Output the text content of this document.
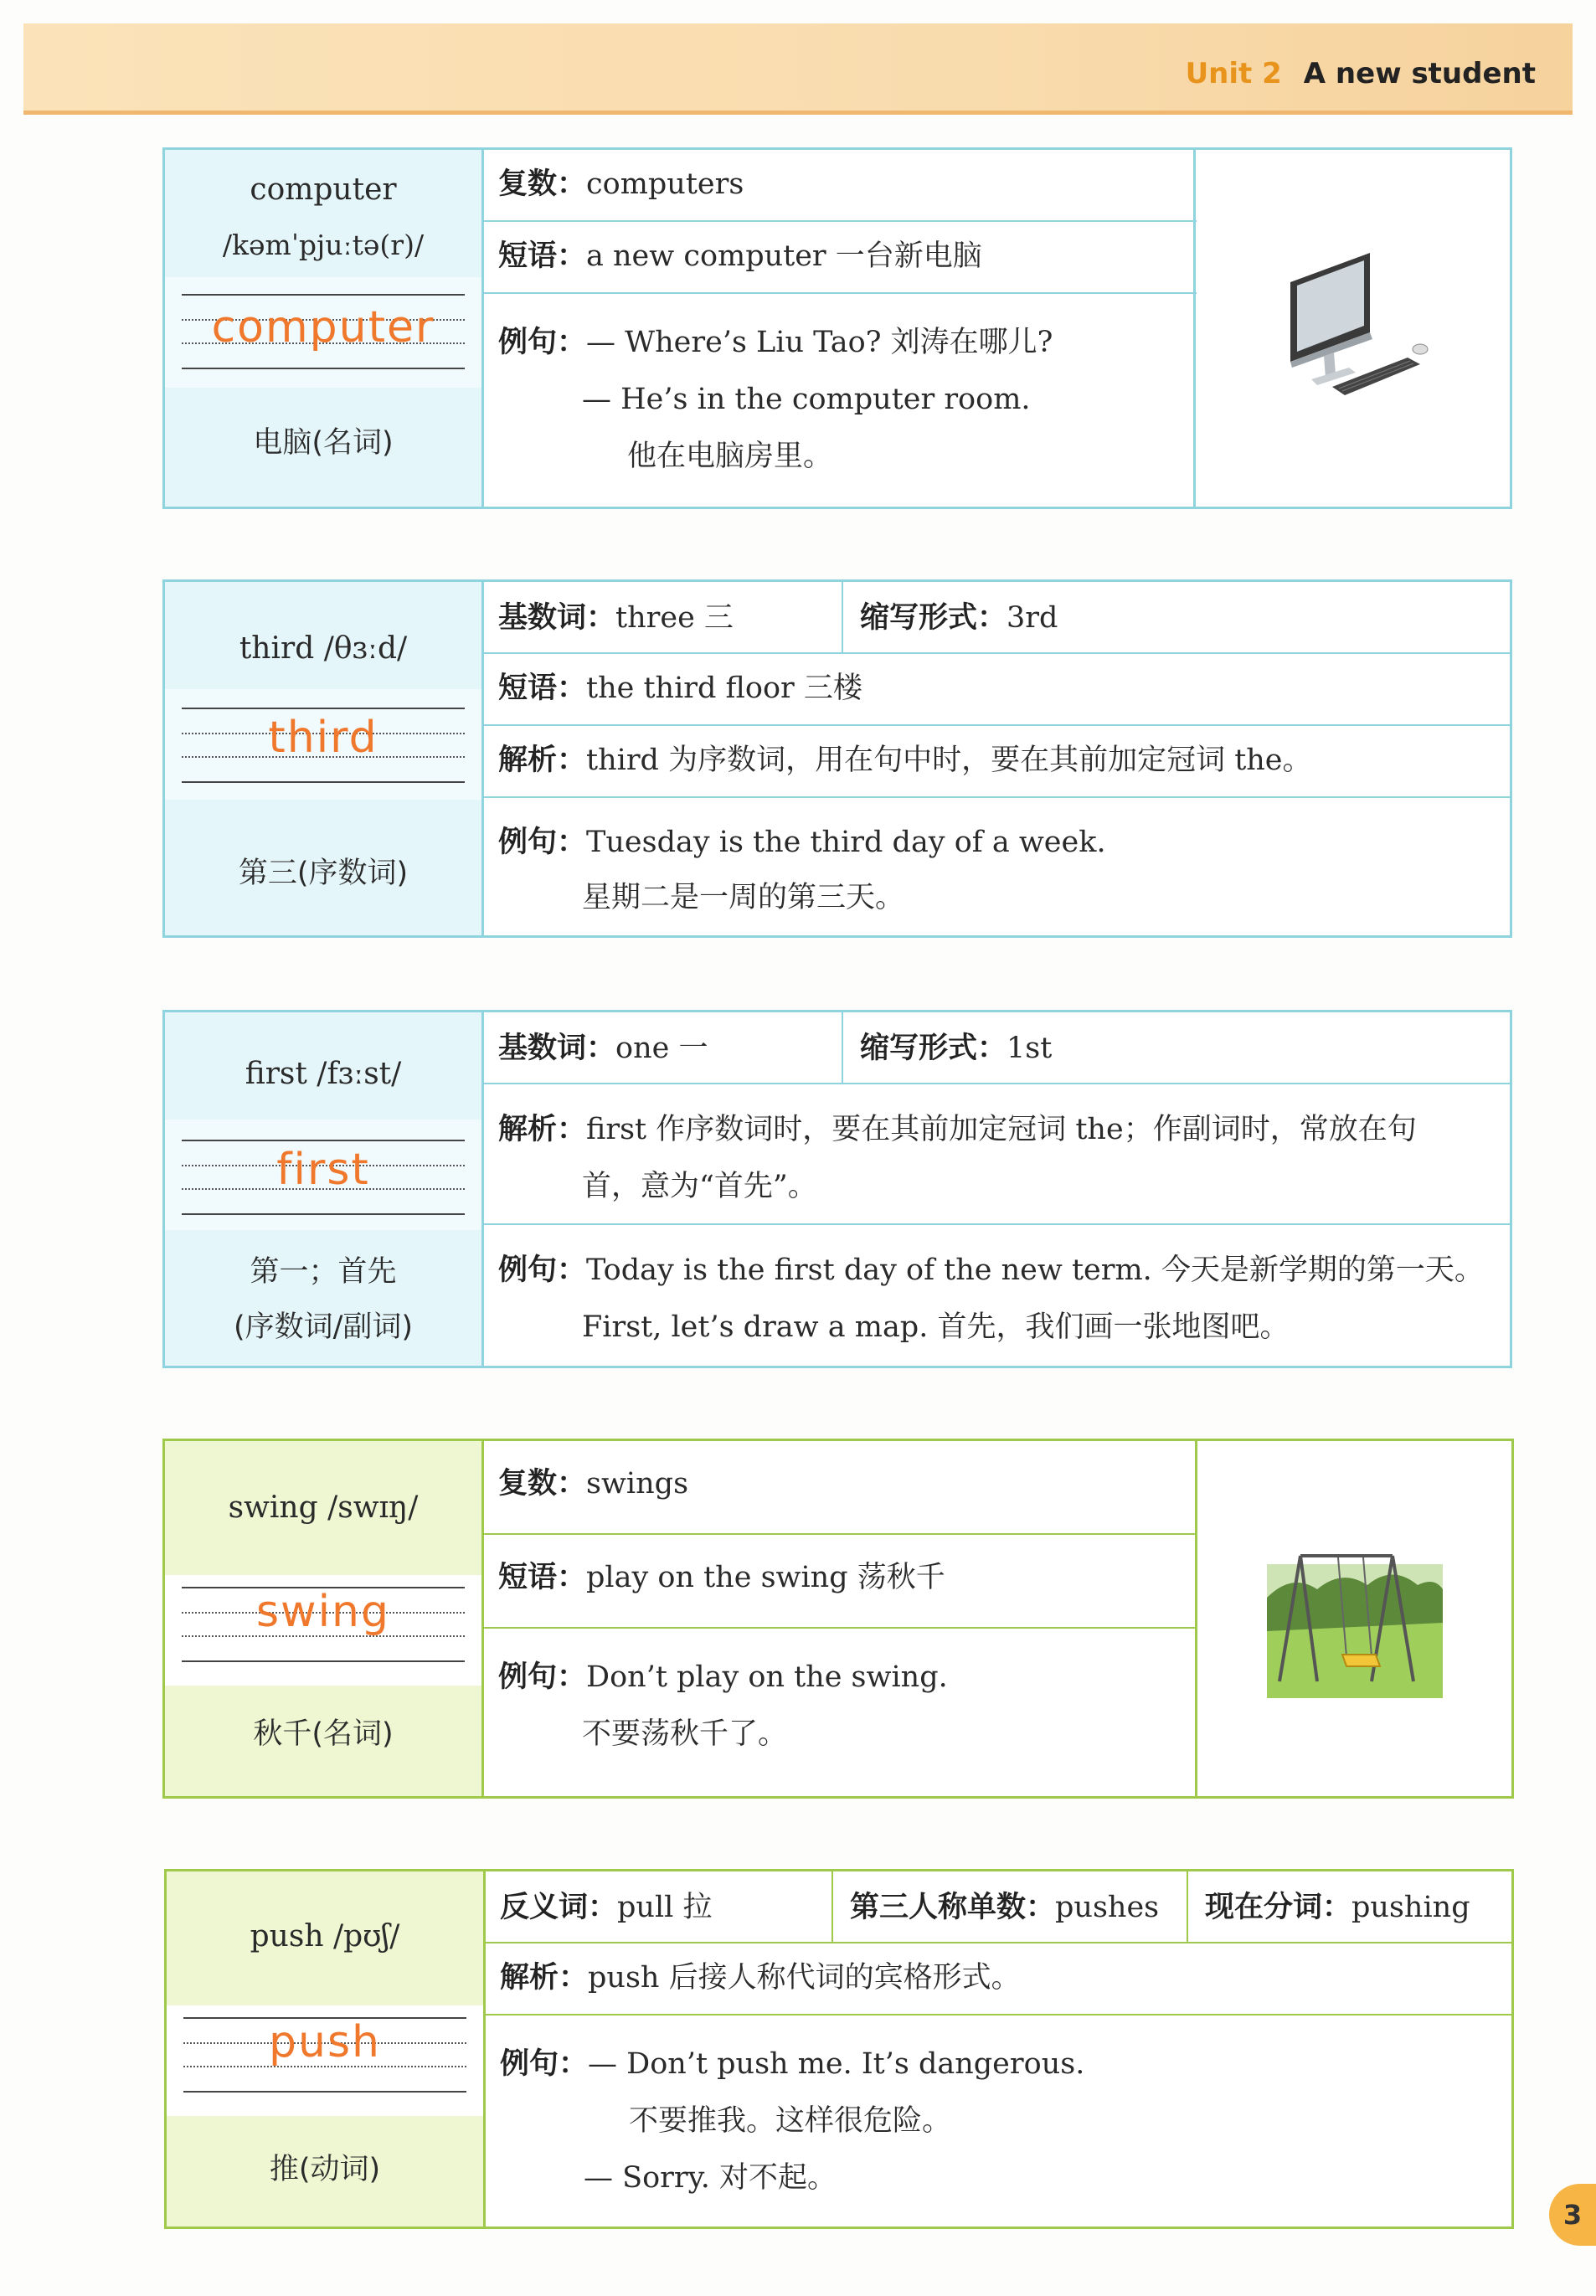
Unit 2 A new student
computer
/kəmˈpjuːtə(r)/
computer
电脑(名词)
复数：computers
短语：a new computer 一台新电脑
例句：— Where’s Liu Tao? 刘涛在哪儿?
— He’s in the computer room.
他在电脑房里。
third /θɜːd/
third
第三(序数词)
基数词：three 三	缩写形式：3rd
短语：the third floor 三楼
解析：third 为序数词，用在句中时，要在其前加定冠词 the。
例句：Tuesday is the third day of a week.
星期二是一周的第三天。
first /fɜːst/
first
第一；首先
(序数词/副词)
基数词：one 一	缩写形式：1st
解析：first 作序数词时，要在其前加定冠词 the；作副词时，常放在句
首，意为“首先”。
例句：Today is the first day of the new term. 今天是新学期的第一天。
First, let’s draw a map. 首先，我们画一张地图吧。
swing /swɪŋ/
swing
秋千(名词)
复数：swings
短语：play on the swing 荡秋千
例句：Don’t play on the swing.
不要荡秋千了。
push /pʊʃ/
push
推(动词)
反义词：pull 拉	第三人称单数：pushes	现在分词：pushing
解析：push 后接人称代词的宾格形式。
例句：— Don’t push me. It’s dangerous.
不要推我。这样很危险。
— Sorry. 对不起。
3
